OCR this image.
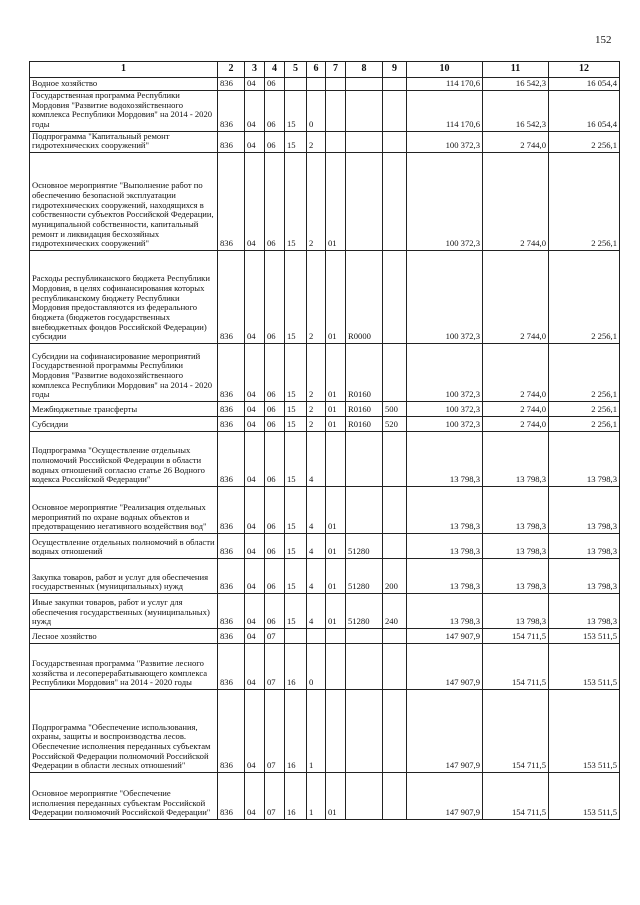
152
1	2	3	4	5	6	7	8	9	10	11	12
Водное хозяйство	836	04	06						114 170,6	16 542,3	16 054,4
Государственная программа Республики Мордовия "Развитие водохозяйственного комплекса Республики Мордовия" на 2014 - 2020 годы	836	04	06	15	0				114 170,6	16 542,3	16 054,4
Подпрограмма "Капитальный ремонт гидротехнических сооружений"	836	04	06	15	2				100 372,3	2 744,0	2 256,1
Основное мероприятие "Выполнение работ по обеспечению безопасной эксплуатации гидротехнических сооружений, находящихся в собственности субъектов Российской Федерации, муниципальной собственности, капитальный ремонт и ликвидация бесхозяйных гидротехнических сооружений"	836	04	06	15	2	01			100 372,3	2 744,0	2 256,1
Расходы республиканского бюджета Республики Мордовия, в целях софинансирования которых республиканскому бюджету Республики Мордовия предоставляются из федерального бюджета (бюджетов государственных внебюджетных фондов Российской Федерации) субсидии	836	04	06	15	2	01	R0000		100 372,3	2 744,0	2 256,1
Субсидии на софинансирование мероприятий Государственной программы Республики Мордовия "Развитие водохозяйственного комплекса Республики Мордовия" на 2014 - 2020 годы	836	04	06	15	2	01	R0160		100 372,3	2 744,0	2 256,1
Межбюджетные трансферты	836	04	06	15	2	01	R0160	500	100 372,3	2 744,0	2 256,1
Субсидии	836	04	06	15	2	01	R0160	520	100 372,3	2 744,0	2 256,1
Подпрограмма "Осуществление отдельных полномочий Российской Федерации в области водных отношений согласно статье 26 Водного кодекса Российской Федерации"	836	04	06	15	4				13 798,3	13 798,3	13 798,3
Основное мероприятие "Реализация отдельных мероприятий по охране водных объектов и предотвращению негативного воздействия вод"	836	04	06	15	4	01			13 798,3	13 798,3	13 798,3
Осуществление отдельных полномочий в области водных отношений	836	04	06	15	4	01	51280		13 798,3	13 798,3	13 798,3
Закупка товаров, работ и услуг для обеспечения государственных (муниципальных) нужд	836	04	06	15	4	01	51280	200	13 798,3	13 798,3	13 798,3
Иные закупки товаров, работ и услуг для обеспечения государственных (муниципальных) нужд	836	04	06	15	4	01	51280	240	13 798,3	13 798,3	13 798,3
Лесное хозяйство	836	04	07						147 907,9	154 711,5	153 511,5
Государственная программа "Развитие лесного хозяйства и лесоперерабатывающего комплекса Республики Мордовия" на 2014 - 2020 годы	836	04	07	16	0				147 907,9	154 711,5	153 511,5
Подпрограмма "Обеспечение использования, охраны, защиты и воспроизводства лесов. Обеспечение исполнения переданных субъектам Российской Федерации полномочий Российской Федерации в области лесных отношений"	836	04	07	16	1				147 907,9	154 711,5	153 511,5
Основное мероприятие "Обеспечение исполнения переданных субъектам Российской Федерации полномочий Российской Федерации"	836	04	07	16	1	01			147 907,9	154 711,5	153 511,5
